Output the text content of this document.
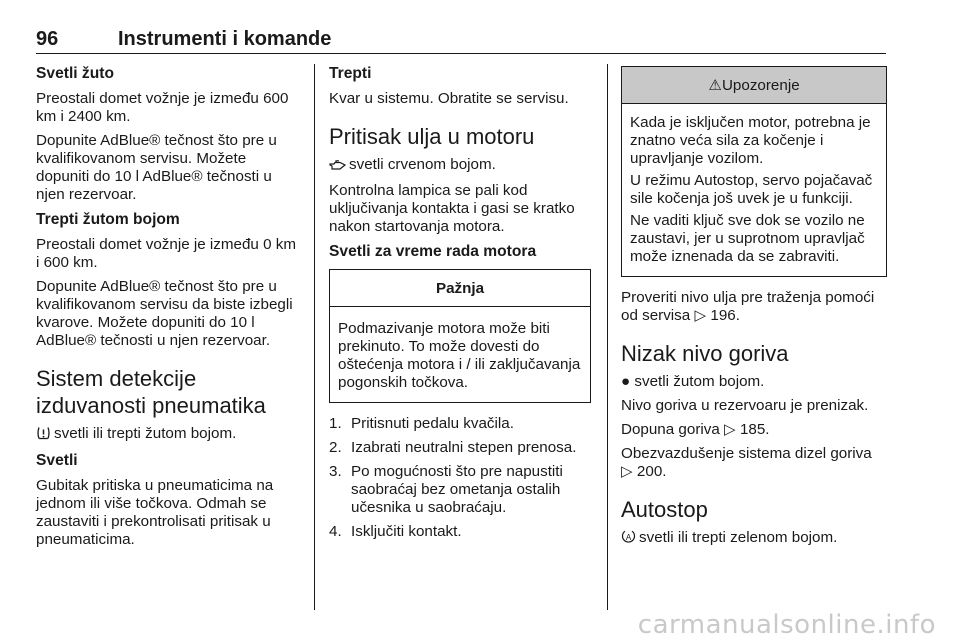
96	Instrumenti i komande
Svetli žuto

Preostali domet vožnje je između 600 km i 2400 km.

Dopunite AdBlue® tečnost što pre u kvalifikovanom servisu. Možete dopuniti do 10 l AdBlue® tečnosti u njen rezervoar.

Trepti žutom bojom

Preostali domet vožnje je između 0 km i 600 km.

Dopunite AdBlue® tečnost što pre u kvalifikovanom servisu da biste izbegli kvarove. Možete dopuniti do 10 l AdBlue® tečnosti u njen rezervoar.

Sistem detekcije izduvanosti pneumatika

svetli ili trepti žutom bojom.

Svetli

Gubitak pritiska u pneumaticima na jednom ili više točkova. Odmah se zaustaviti i prekontrolisati pritisak u pneumaticima.

Trepti

Kvar u sistemu. Obratite se servisu.

Pritisak ulja u motoru

svetli crvenom bojom.

Kontrolna lampica se pali kod uključivanja kontakta i gasi se kratko nakon startovanja motora.

Svetli za vreme rada motora
Pažnja

Podmazivanje motora može biti prekinuto. To može dovesti do oštećenja motora i / ili zaključavanja pogonskih točkova.

1. Pritisnuti pedalu kvačila.
2. Izabrati neutralni stepen prenosa.
3. Po mogućnosti što pre napustiti saobraćaj bez ometanja ostalih učesnika u saobraćaju.
4. Isključiti kontakt.
⚠Upozorenje

Kada je isključen motor, potrebna je znatno veća sila za kočenje i upravljanje vozilom.

U režimu Autostop, servo pojačavač sile kočenja još uvek je u funkciji.

Ne vaditi ključ sve dok se vozilo ne zaustavi, jer u suprotnom upravljač može iznenada da se zabraviti.

Proveriti nivo ulja pre traženja pomoći od servisa ▷ 196.

Nizak nivo goriva

● svetli žutom bojom.

Nivo goriva u rezervoaru je prenizak.

Dopuna goriva ▷ 185.

Obezvazdušenje sistema dizel goriva ▷ 200.

Autostop

A svetli ili trepti zelenom bojom.

carmanualsonline.info
